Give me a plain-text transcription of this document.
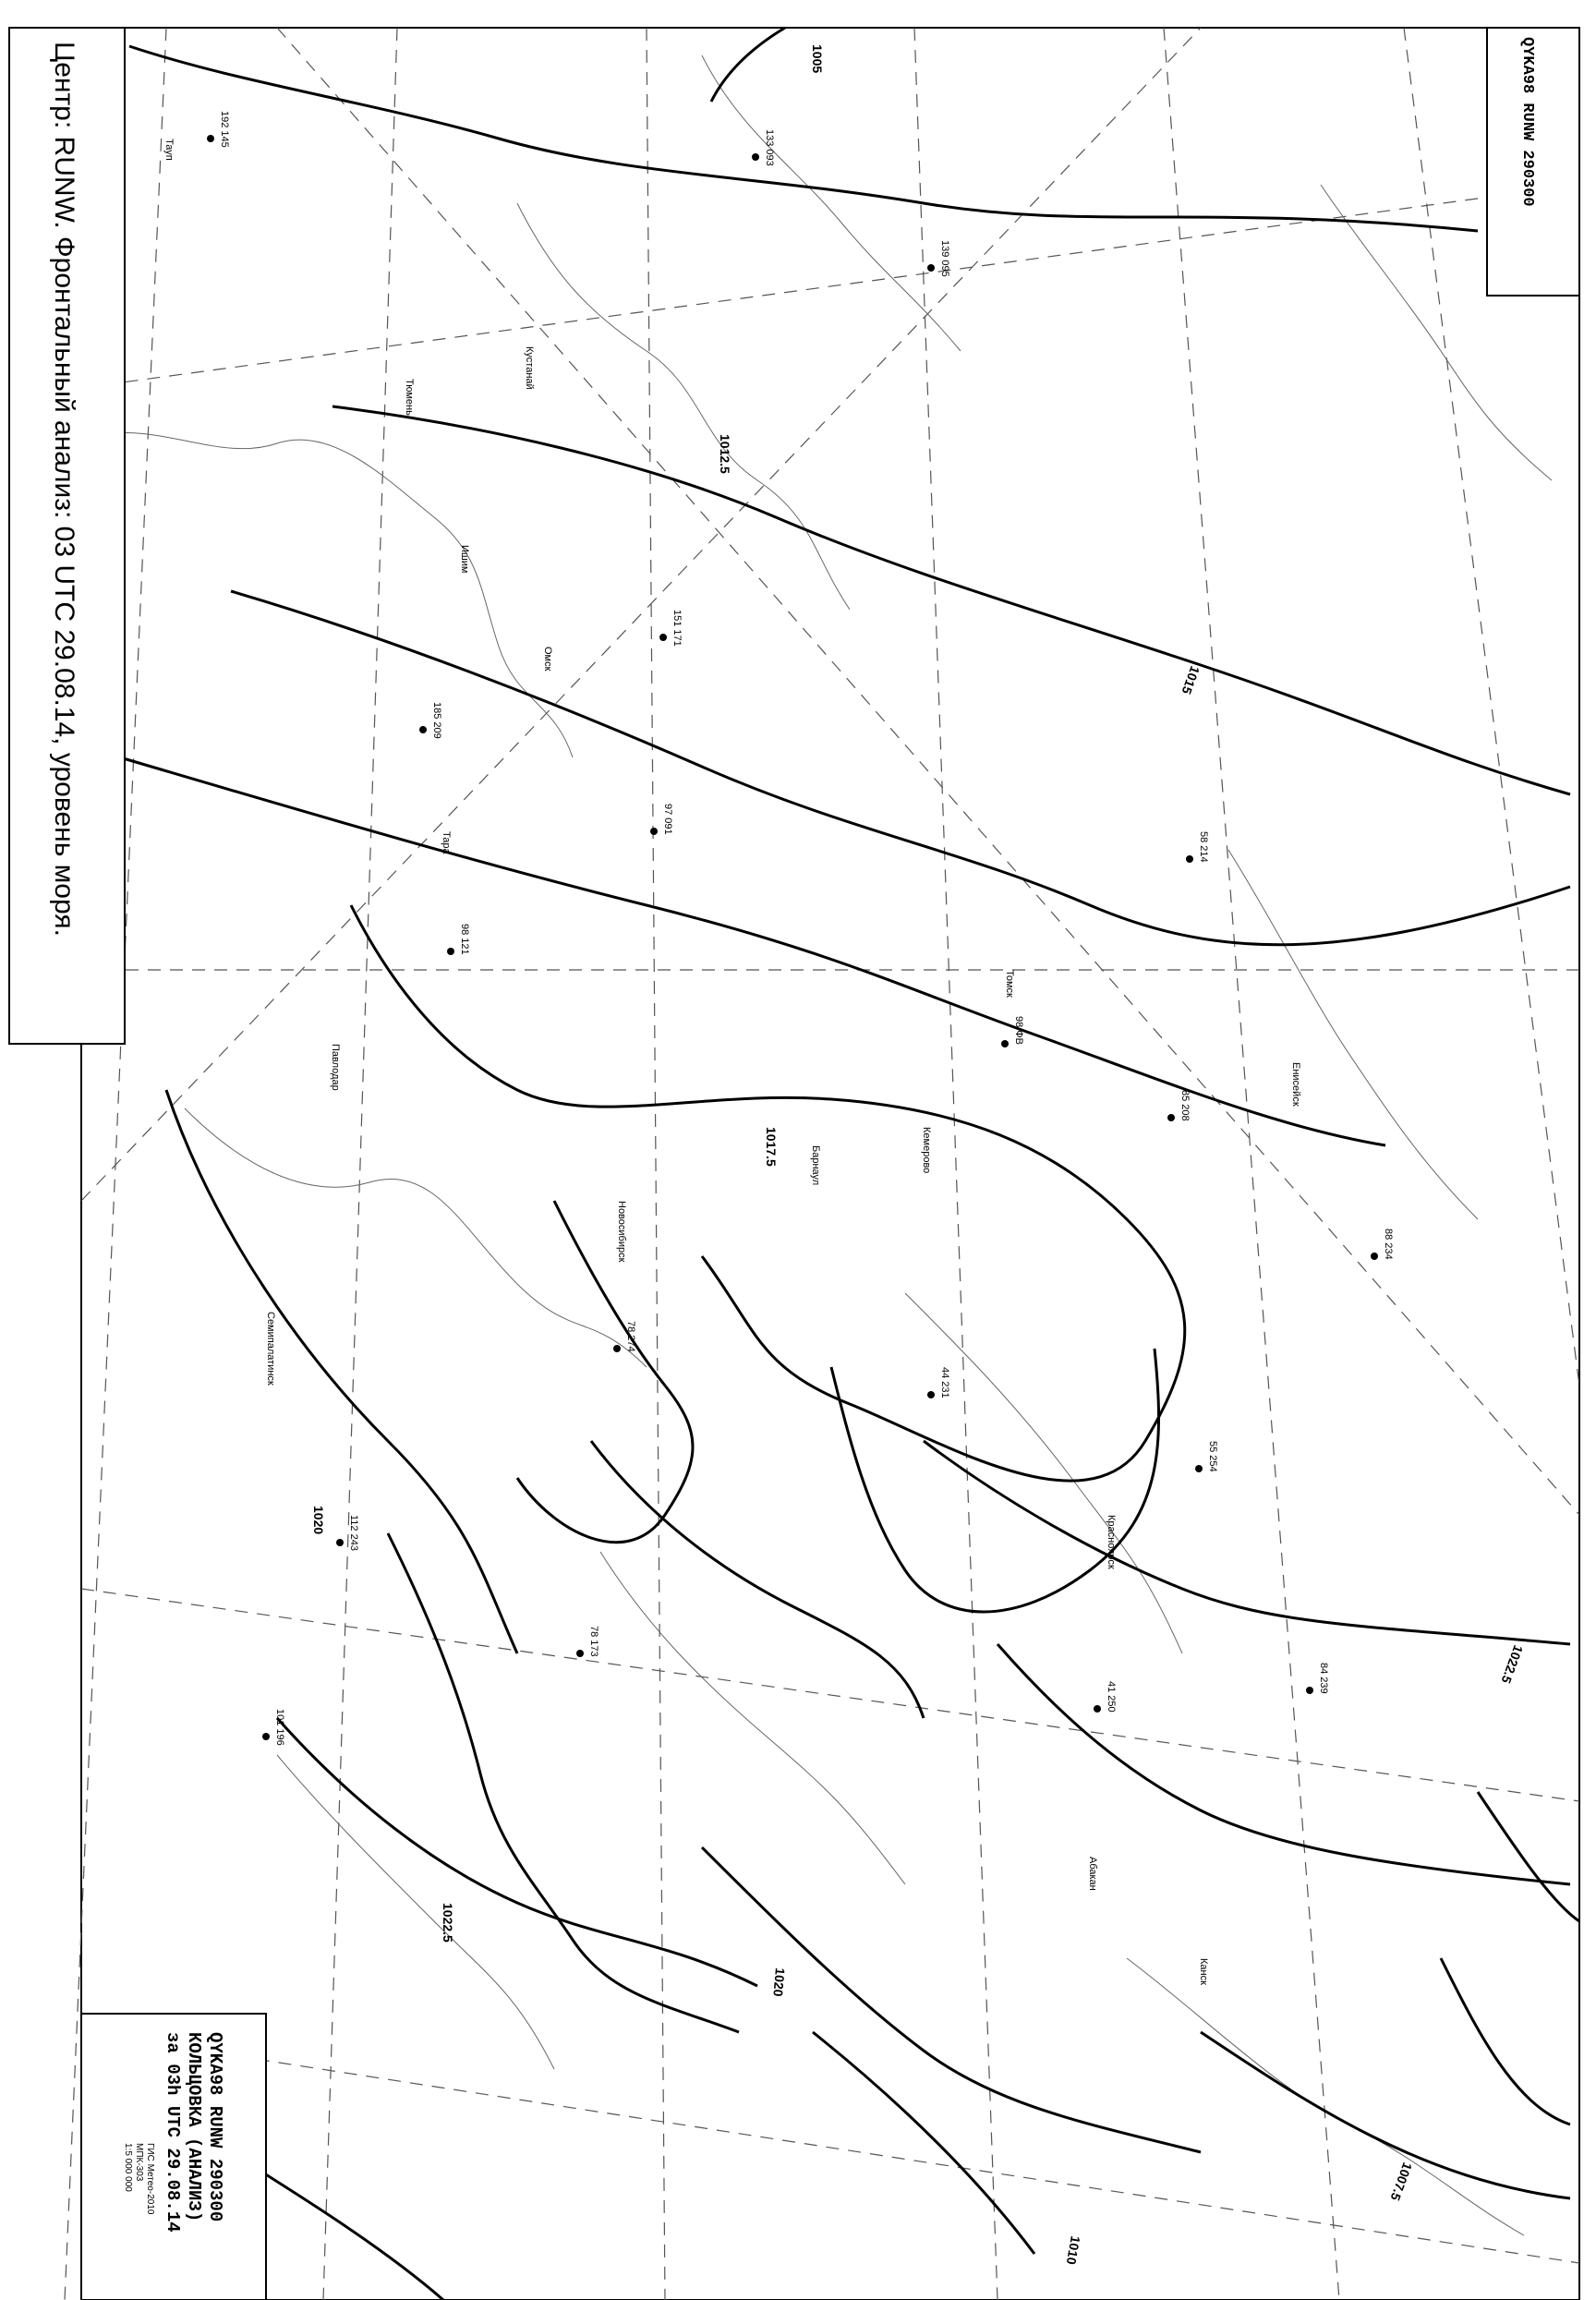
1005
1012.5
1015
1017.5
1020
1022.5
1007.5
1010
1020
1022.5
Тауп
Кустанай
Омск
Ишим
Тара
Тюмень
Барнаул
Новосибирск
Павлодар
Семипалатинск
Кемерово
Томск
Енисейск
Канск
Абакан
Красноярск
192 145
133 093
139 095
151 171
185 209
97 091
98 121
98 ФВ
85 208
88 234
78 274
55 254
41 250
84 239
78 173
44 231
58 214
101 196
112 243
Центр: RUNW. Фронтальный анализ: 03 UTC 29.08.14, уровень моря.	QYKA98 RUNW 290300
QYKA98 RUNW 290300
КОЛЬЦОВКА (АНАЛИЗ)
за 03h UTC 29.08.14
ГИС Метео-2010
МПК-303
1:5 000 000
